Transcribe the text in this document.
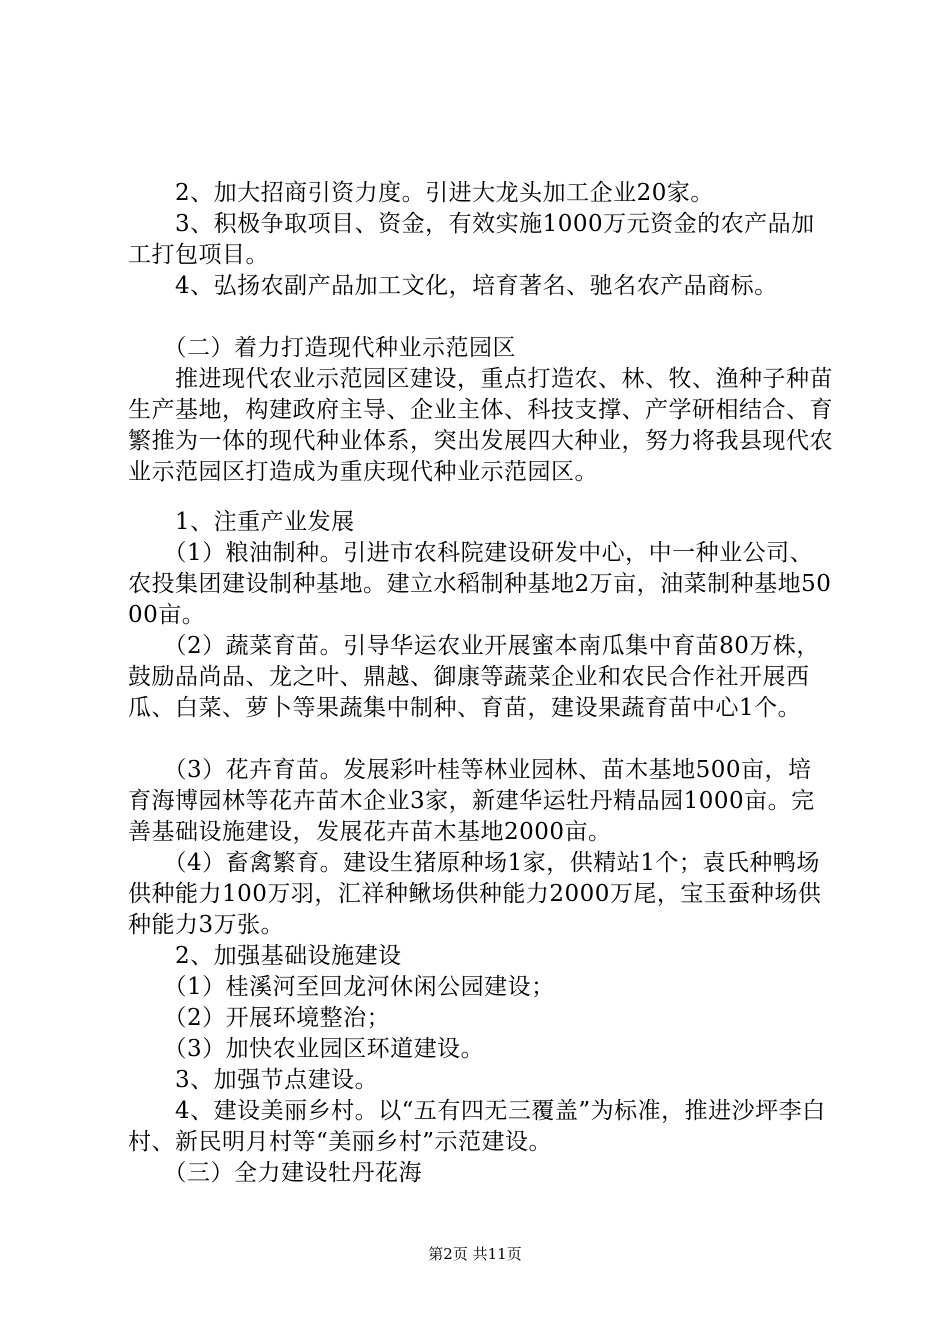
　　2、加大招商引资力度。引进大龙头加工企业20家。

　　3、积极争取项目、资金，有效实施1000万元资金的农产品加工打包项目。

　　4、弘扬农副产品加工文化，培育著名、驰名农产品商标。

　　（二）着力打造现代种业示范园区

　　推进现代农业示范园区建设，重点打造农、林、牧、渔种子种苗生产基地，构建政府主导、企业主体、科技支撑、产学研相结合、育繁推为一体的现代种业体系，突出发展四大种业，努力将我县现代农业示范园区打造成为重庆现代种业示范园区。

　　1、注重产业发展

　　（1）粮油制种。引进市农科院建设研发中心，中一种业公司、农投集团建设制种基地。建立水稻制种基地2万亩，油菜制种基地5000亩。

　　（2）蔬菜育苗。引导华运农业开展蜜本南瓜集中育苗80万株，鼓励品尚品、龙之叶、鼎越、御康等蔬菜企业和农民合作社开展西瓜、白菜、萝卜等果蔬集中制种、育苗，建设果蔬育苗中心1个。

　　（3）花卉育苗。发展彩叶桂等林业园林、苗木基地500亩，培育海博园林等花卉苗木企业3家，新建华运牡丹精品园1000亩。完善基础设施建设，发展花卉苗木基地2000亩。

　　（4）畜禽繁育。建设生猪原种场1家，供精站1个；袁氏种鸭场供种能力100万羽，汇祥种鳅场供种能力2000万尾，宝玉蚕种场供种能力3万张。

　　2、加强基础设施建设

　　（1）桂溪河至回龙河休闲公园建设；

　　（2）开展环境整治；

　　（3）加快农业园区环道建设。

　　3、加强节点建设。

　　4、建设美丽乡村。以“五有四无三覆盖”为标准，推进沙坪李白村、新民明月村等“美丽乡村”示范建设。

　　（三）全力建设牡丹花海

第2页 共11页
